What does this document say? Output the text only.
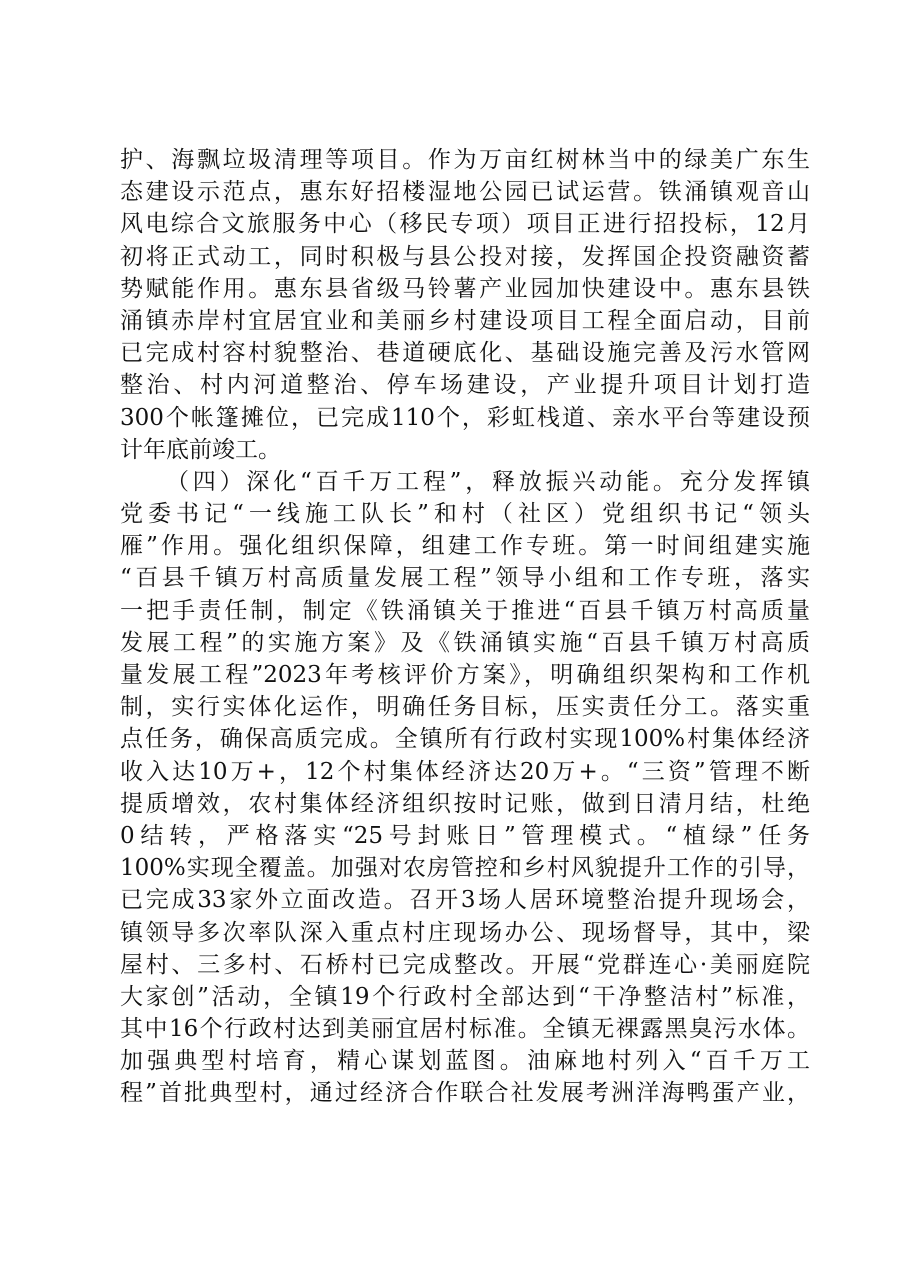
护、海飘垃圾清理等项目。作为万亩红树林当中的绿美广东生
态建设示范点，惠东好招楼湿地公园已试运营。铁涌镇观音山
风电综合文旅服务中心（移民专项）项目正进行招投标，12月
初将正式动工，同时积极与县公投对接，发挥国企投资融资蓄
势赋能作用。惠东县省级马铃薯产业园加快建设中。惠东县铁
涌镇赤岸村宜居宜业和美丽乡村建设项目工程全面启动，目前
已完成村容村貌整治、巷道硬底化、基础设施完善及污水管网
整治、村内河道整治、停车场建设，产业提升项目计划打造
300个帐篷摊位，已完成110个，彩虹栈道、亲水平台等建设预
计年底前竣工。
（四）深化“百千万工程”，释放振兴动能。充分发挥镇
党委书记“一线施工队长”和村（社区）党组织书记“领头
雁”作用。强化组织保障，组建工作专班。第一时间组建实施
“百县千镇万村高质量发展工程”领导小组和工作专班，落实
一把手责任制，制定《铁涌镇关于推进“百县千镇万村高质量
发展工程”的实施方案》及《铁涌镇实施“百县千镇万村高质
量发展工程”2023年考核评价方案》，明确组织架构和工作机
制，实行实体化运作，明确任务目标，压实责任分工。落实重
点任务，确保高质完成。全镇所有行政村实现100%村集体经济
收入达10万+，12个村集体经济达20万+。“三资”管理不断
提质增效，农村集体经济组织按时记账，做到日清月结，杜绝
0结转，严格落实“25号封账日”管理模式。“植绿”任务
100%实现全覆盖。加强对农房管控和乡村风貌提升工作的引导，
已完成33家外立面改造。召开3场人居环境整治提升现场会，
镇领导多次率队深入重点村庄现场办公、现场督导，其中，梁
屋村、三多村、石桥村已完成整改。开展“党群连心·美丽庭院
大家创”活动，全镇19个行政村全部达到“干净整洁村”标准，
其中16个行政村达到美丽宜居村标准。全镇无裸露黑臭污水体。
加强典型村培育，精心谋划蓝图。油麻地村列入“百千万工
程”首批典型村，通过经济合作联合社发展考洲洋海鸭蛋产业，
